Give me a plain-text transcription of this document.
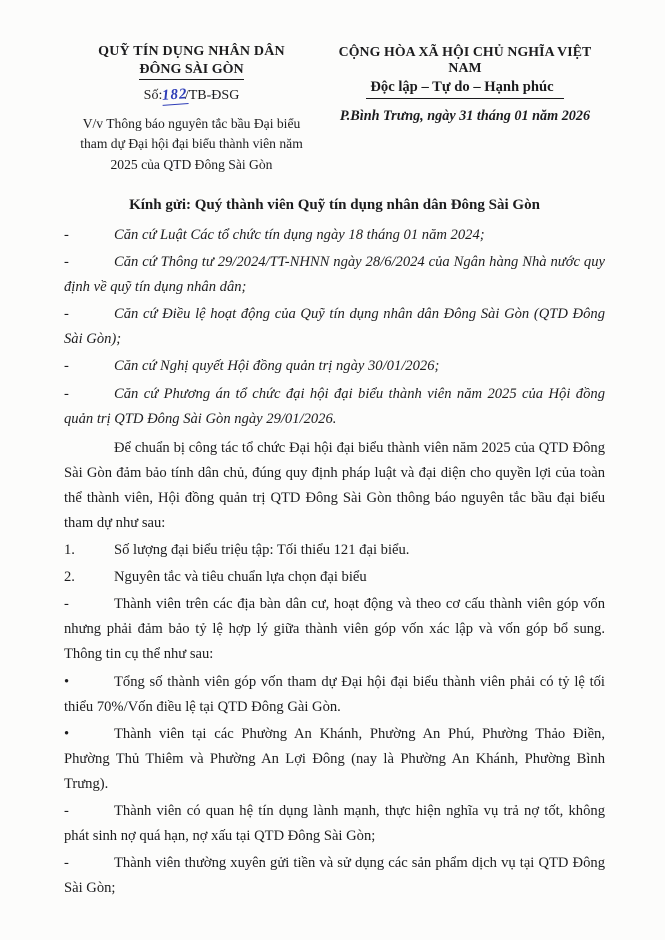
QUỸ TÍN DỤNG NHÂN DÂN
ĐÔNG SÀI GÒN
Số:182/TB-ĐSG
V/v Thông báo nguyên tắc bầu Đại biểu tham dự Đại hội đại biểu thành viên năm 2025 của QTD Đông Sài Gòn
CỘNG HÒA XÃ HỘI CHỦ NGHĨA VIỆT NAM
Độc lập – Tự do – Hạnh phúc
P.Bình Trưng, ngày 31 tháng 01 năm 2026
Kính gửi: Quý thành viên Quỹ tín dụng nhân dân Đông Sài Gòn
-	Căn cứ Luật Các tổ chức tín dụng ngày 18 tháng 01 năm 2024;
-	Căn cứ Thông tư 29/2024/TT-NHNN ngày 28/6/2024 của Ngân hàng Nhà nước quy định về quỹ tín dụng nhân dân;
-	Căn cứ Điều lệ hoạt động của Quỹ tín dụng nhân dân Đông Sài Gòn (QTD Đông Sài Gòn);
-	Căn cứ Nghị quyết Hội đồng quản trị ngày 30/01/2026;
-	Căn cứ Phương án tổ chức đại hội đại biểu thành viên năm 2025 của Hội đồng quản trị QTD Đông Sài Gòn ngày 29/01/2026.
Để chuẩn bị công tác tổ chức Đại hội đại biểu thành viên năm 2025 của QTD Đông Sài Gòn đảm bảo tính dân chủ, đúng quy định pháp luật và đại diện cho quyền lợi của toàn thể thành viên, Hội đồng quản trị QTD Đông Sài Gòn thông báo nguyên tắc bầu đại biểu tham dự như sau:
1.	Số lượng đại biểu triệu tập: Tối thiểu 121 đại biểu.
2.	Nguyên tắc và tiêu chuẩn lựa chọn đại biểu
-	Thành viên trên các địa bàn dân cư, hoạt động và theo cơ cấu thành viên góp vốn nhưng phải đảm bảo tỷ lệ hợp lý giữa thành viên góp vốn xác lập và vốn góp bổ sung. Thông tin cụ thể như sau:
•	Tổng số thành viên góp vốn tham dự Đại hội đại biểu thành viên phải có tỷ lệ tối thiểu 70%/Vốn điều lệ tại QTD Đông Gài Gòn.
•	Thành viên tại các Phường An Khánh, Phường An Phú, Phường Thảo Điền, Phường Thủ Thiêm và Phường An Lợi Đông (nay là Phường An Khánh, Phường Bình Trưng).
-	Thành viên có quan hệ tín dụng lành mạnh, thực hiện nghĩa vụ trả nợ tốt, không phát sinh nợ quá hạn, nợ xấu tại QTD Đông Sài Gòn;
-	Thành viên thường xuyên gửi tiền và sử dụng các sản phẩm dịch vụ tại QTD Đông Sài Gòn;
